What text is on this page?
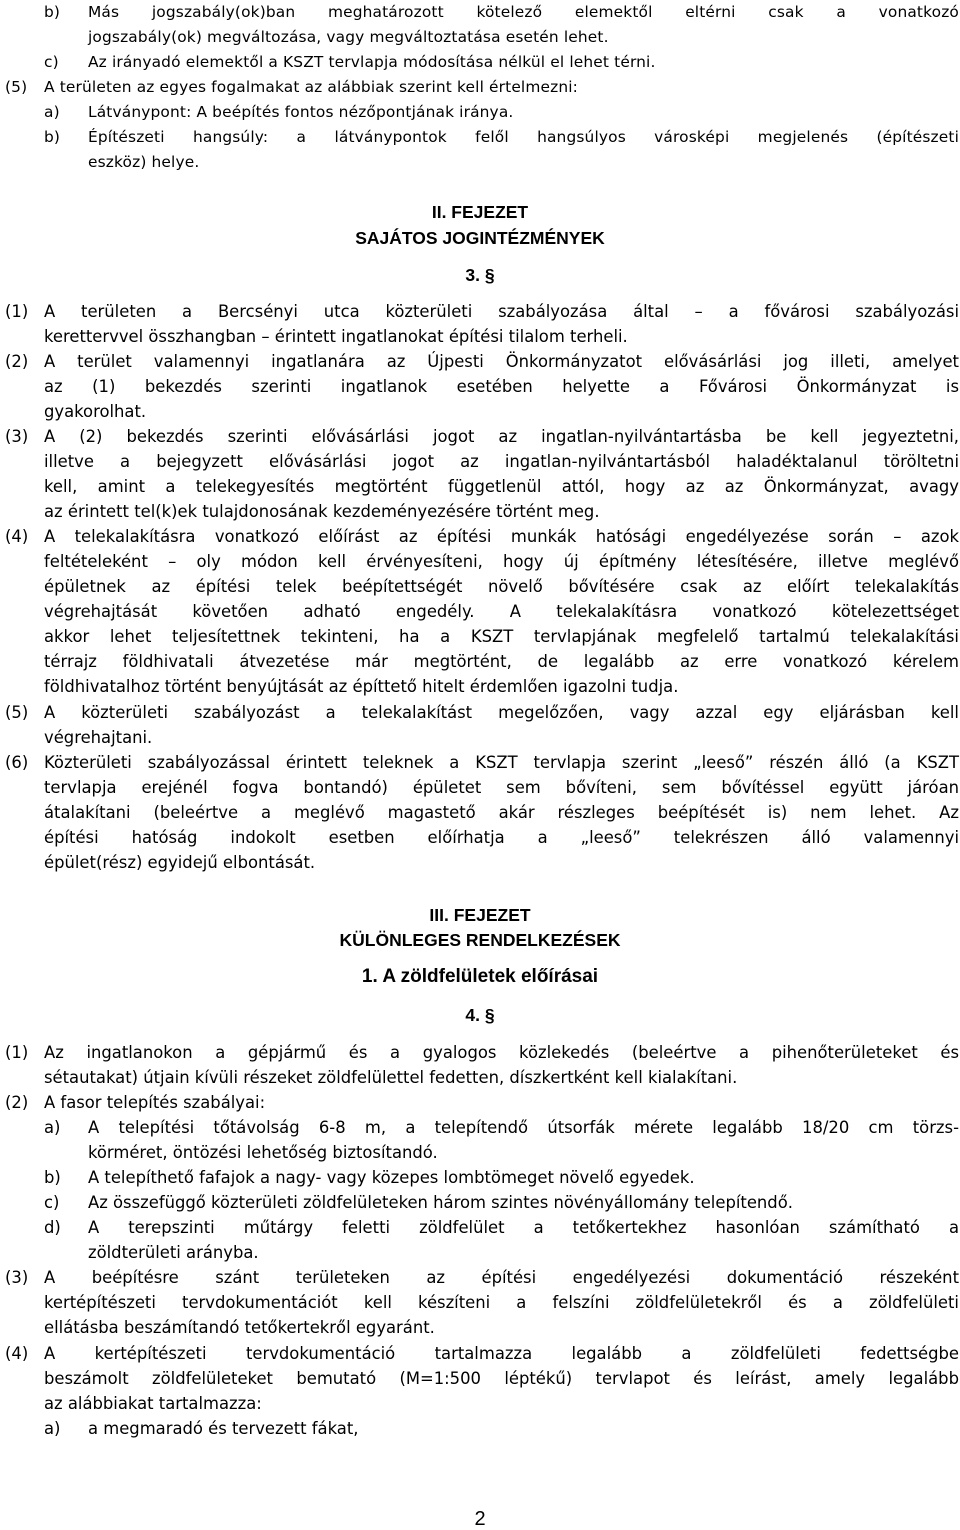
b) Más jogszabály(ok)ban meghatározott kötelező elemektől eltérni csak a vonatkozó
jogszabály(ok) megváltozása, vagy megváltoztatása esetén lehet.
c) Az irányadó elemektől a KSZT tervlapja módosítása nélkül el lehet térni.
(5) A területen az egyes fogalmakat az alábbiak szerint kell értelmezni:
a) Látványpont: A beépítés fontos nézőpontjának iránya.
b) Építészeti hangsúly: a látványpontok felől hangsúlyos városképi megjelenés (építészeti
eszköz) helye.
II. FEJEZET
SAJÁTOS JOGINTÉZMÉNYEK
3. §
(1) A területen a Bercsényi utca közterületi szabályozása által – a fővárosi szabályozási
kerettervvel összhangban – érintett ingatlanokat építési tilalom terheli.
(2) A terület valamennyi ingatlanára az Újpesti Önkormányzatot elővásárlási jog illeti, amelyet
az (1) bekezdés szerinti ingatlanok esetében helyette a Fővárosi Önkormányzat is
gyakorolhat.
(3) A (2) bekezdés szerinti elővásárlási jogot az ingatlan-nyilvántartásba be kell jegyeztetni,
illetve a bejegyzett elővásárlási jogot az ingatlan-nyilvántartásból haladéktalanul töröltetni
kell, amint a telekegyesítés megtörtént függetlenül attól, hogy az az Önkormányzat, avagy
az érintett tel(k)ek tulajdonosának kezdeményezésére történt meg.
(4) A telekalakításra vonatkozó előírást az építési munkák hatósági engedélyezése során – azok
feltételeként – oly módon kell érvényesíteni, hogy új építmény létesítésére, illetve meglévő
épületnek az építési telek beépítettségét növelő bővítésére csak az előírt telekalakítás
végrehajtását követően adható engedély. A telekalakításra vonatkozó kötelezettséget
akkor lehet teljesítettnek tekinteni, ha a KSZT tervlapjának megfelelő tartalmú telekalakítási
térrajz földhivatali átvezetése már megtörtént, de legalább az erre vonatkozó kérelem
földhivatalhoz történt benyújtását az építtető hitelt érdemlően igazolni tudja.
(5) A közterületi szabályozást a telekalakítást megelőzően, vagy azzal egy eljárásban kell
végrehajtani.
(6) Közterületi szabályozással érintett teleknek a KSZT tervlapja szerint „leeső” részén álló (a KSZT
tervlapja erejénél fogva bontandó) épületet sem bővíteni, sem bővítéssel együtt járóan
átalakítani (beleértve a meglévő magastető akár részleges beépítését is) nem lehet. Az
építési hatóság indokolt esetben előírhatja a „leeső” telekrészen álló valamennyi
épület(rész) egyidejű elbontását.
III. FEJEZET
KÜLÖNLEGES RENDELKEZÉSEK
1. A zöldfelületek előírásai
4. §
(1) Az ingatlanokon a gépjármű és a gyalogos közlekedés (beleértve a pihenőterületeket és
sétautakat) útjain kívüli részeket zöldfelülettel fedetten, díszkertként kell kialakítani.
(2) A fasor telepítés szabályai:
a) A telepítési tőtávolság 6-8 m, a telepítendő útsorfák mérete legalább 18/20 cm törzs-
körméret, öntözési lehetőség biztosítandó.
b) A telepíthető fafajok a nagy- vagy közepes lombtömeget növelő egyedek.
c) Az összefüggő közterületi zöldfelületeken három szintes növényállomány telepítendő.
d) A terepszinti műtárgy feletti zöldfelület a tetőkertekhez hasonlóan számítható a
zöldterületi arányba.
(3) A beépítésre szánt területeken az építési engedélyezési dokumentáció részeként
kertépítészeti tervdokumentációt kell készíteni a felszíni zöldfelületekről és a zöldfelületi
ellátásba beszámítandó tetőkertekről egyaránt.
(4) A kertépítészeti tervdokumentáció tartalmazza legalább a zöldfelületi fedettségbe
beszámolt zöldfelületeket bemutató (M=1:500 léptékű) tervlapot és leírást, amely legalább
az alábbiakat tartalmazza:
a) a megmaradó és tervezett fákat,
2
